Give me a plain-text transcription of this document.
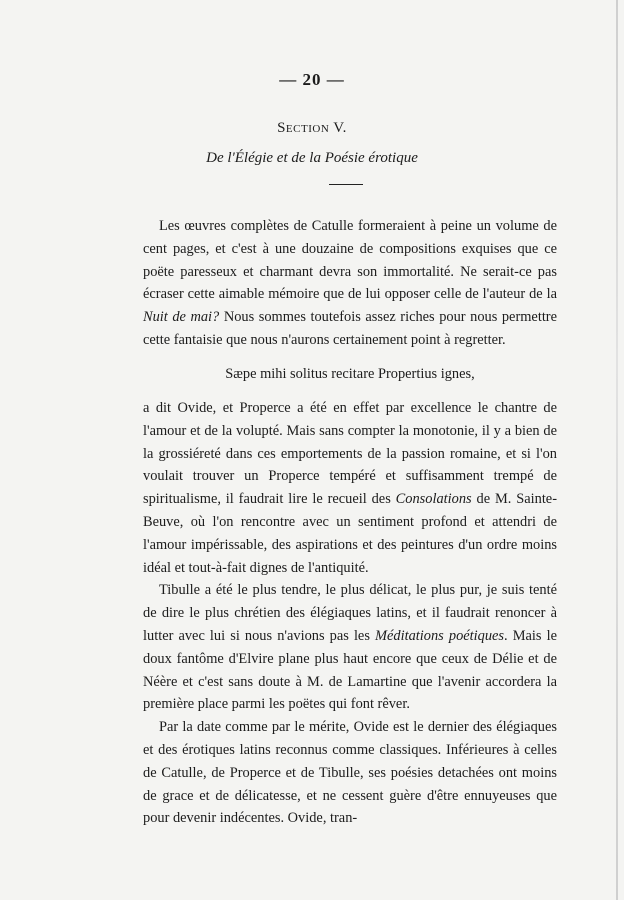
— 20 —
Section V.
De l'Élégie et de la Poésie érotique

Les œuvres complètes de Catulle formeraient à peine un volume de cent pages, et c'est à une douzaine de compositions exquises que ce poëte paresseux et charmant devra son immortalité. Ne serait-ce pas écraser cette aimable mémoire que de lui opposer celle de l'auteur de la Nuit de mai? Nous sommes toutefois assez riches pour nous permettre cette fantaisie que nous n'aurons certainement point à regretter.

Sæpe mihi solitus recitare Propertius ignes,

a dit Ovide, et Properce a été en effet par excellence le chantre de l'amour et de la volupté. Mais sans compter la monotonie, il y a bien de la grossiéreté dans ces emportements de la passion romaine, et si l'on voulait trouver un Properce tempéré et suffisamment trempé de spiritualisme, il faudrait lire le recueil des Consolations de M. Sainte-Beuve, où l'on rencontre avec un sentiment profond et attendri de l'amour impérissable, des aspirations et des peintures d'un ordre moins idéal et tout-à-fait dignes de l'antiquité.

Tibulle a été le plus tendre, le plus délicat, le plus pur, je suis tenté de dire le plus chrétien des élégiaques latins, et il faudrait renoncer à lutter avec lui si nous n'avions pas les Méditations poétiques. Mais le doux fantôme d'Elvire plane plus haut encore que ceux de Délie et de Néère et c'est sans doute à M. de Lamartine que l'avenir accordera la première place parmi les poëtes qui font rêver.

Par la date comme par le mérite, Ovide est le dernier des élégiaques et des érotiques latins reconnus comme classiques. Inférieures à celles de Catulle, de Properce et de Tibulle, ses poésies detachées ont moins de grace et de délicatesse, et ne cessent guère d'être ennuyeuses que pour devenir indécentes. Ovide, tran-
